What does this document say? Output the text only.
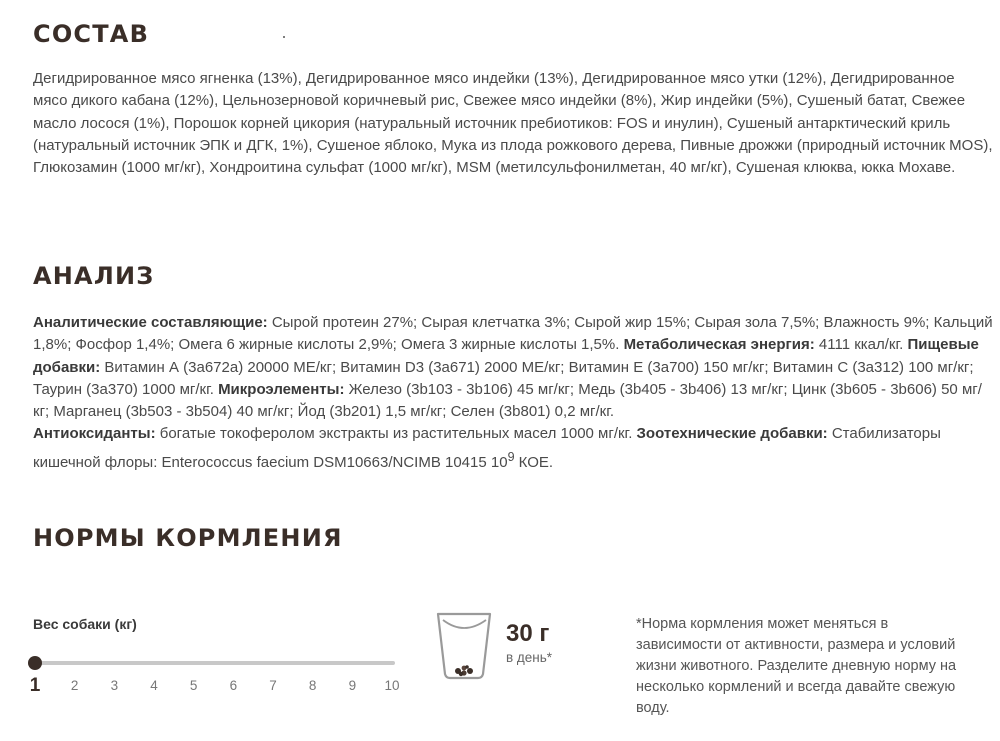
СОСТАВ

Дегидрированное мясо ягненка (13%), Дегидрированное мясо индейки (13%), Дегидрированное мясо утки (12%), Дегидрированное мясо дикого кабана (12%), Цельнозерновой коричневый рис, Свежее мясо индейки (8%), Жир индейки (5%), Сушеный батат, Свежее масло лосося (1%), Порошок корней цикория (натуральный источник пребиотиков: FOS и инулин), Сушеный антарктический криль (натуральный источник ЭПК и ДГК, 1%), Сушеное яблоко, Мука из плода рожкового дерева, Пивные дрожжи (природный источник MOS), Глюкозамин (1000 мг/кг), Хондроитина сульфат (1000 мг/кг), MSM (метилсульфонилметан, 40 мг/кг), Сушеная клюква, юкка Мохаве.

АНАЛИЗ

Аналитические составляющие: Сырой протеин 27%; Сырая клетчатка 3%; Сырой жир 15%; Сырая зола 7,5%; Влажность 9%; Кальций 1,8%; Фосфор 1,4%; Омега 6 жирные кислоты 2,9%; Омега 3 жирные кислоты 1,5%. Метаболическая энергия: 4111 ккал/кг. Пищевые добавки: Витамин А (3а672а) 20000 МЕ/кг; Витамин D3 (3а671) 2000 МЕ/кг; Витамин Е (3а700) 150 мг/кг; Витамин С (3а312) 100 мг/кг; Таурин (3а370) 1000 мг/кг. Микроэлементы: Железо (3b103 - 3b106) 45 мг/кг; Медь (3b405 - 3b406) 13 мг/кг; Цинк (3b605 - 3b606) 50 мг/кг; Марганец (3b503 - 3b504) 40 мг/кг; Йод (3b201) 1,5 мг/кг; Селен (3b801) 0,2 мг/кг.
Антиоксиданты: богатые токоферолом экстракты из растительных масел 1000 мг/кг. Зоотехнические добавки: Стабилизаторы кишечной флоры: Enterococcus faecium DSM10663/NCIMB 10415 $10^9$ КОЕ.

НОРМЫ КОРМЛЕНИЯ
Вес собаки (кг)
1 2 3 4 5 6 7 8 9 10
30 г
в день*

*Норма кормления может меняться в зависимости от активности, размера и условий жизни животного. Разделите дневную норму на несколько кормлений и всегда давайте свежую воду.
